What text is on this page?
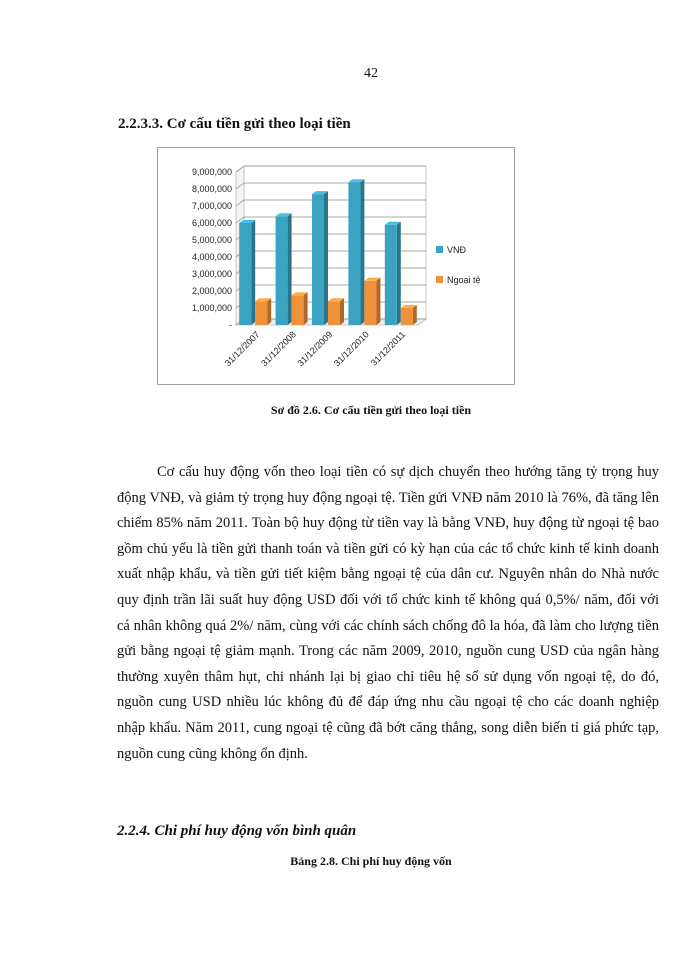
42
2.2.3.3. Cơ cấu tiền gửi theo loại tiền
9,000,000
8,000,000
7,000,000
6,000,000
5,000,000
4,000,000
3,000,000
2,000,000
1,000,000
-
31/12/2007
31/12/2008
31/12/2009
31/12/2010
31/12/2011
VNĐ
Ngoại tệ
Sơ đồ 2.6. Cơ cấu tiền gửi theo loại tiền

Cơ cấu huy động vốn theo loại tiền có sự dịch chuyển theo hướng tăng tỷ trọng huy động VNĐ, và giảm tỷ trọng huy động ngoại tệ. Tiền gửi VNĐ năm 2010 là 76%, đã tăng lên chiếm 85% năm 2011. Toàn bộ huy động từ tiền vay là bằng VNĐ, huy động từ ngoại tệ bao gồm chủ yếu là tiền gửi thanh toán và tiền gửi có kỳ hạn của các tổ chức kinh tế kinh doanh xuất nhập khẩu, và tiền gửi tiết kiệm bằng ngoại tệ của dân cư. Nguyên nhân do Nhà nước quy định trần lãi suất huy động USD đối với tổ chức kinh tế không quá 0,5%/ năm, đối với cá nhân không quá 2%/ năm, cùng với các chính sách chống đô la hóa, đã làm cho lượng tiền gửi bằng ngoại tệ giảm mạnh. Trong các năm 2009, 2010, nguồn cung USD của ngân hàng thường xuyên thâm hụt, chi nhánh lại bị giao chỉ tiêu hệ số sử dụng vốn ngoại tệ, do đó, nguồn cung USD nhiều lúc không đủ để đáp ứng nhu cầu ngoại tệ cho các doanh nghiệp nhập khẩu. Năm 2011, cung ngoại tệ cũng đã bớt căng thẳng, song diễn biến tỉ giá phức tạp, nguồn cung cũng không ổn định.

2.2.4. Chi phí huy động vốn bình quân
Bảng 2.8. Chi phí huy động vốn
